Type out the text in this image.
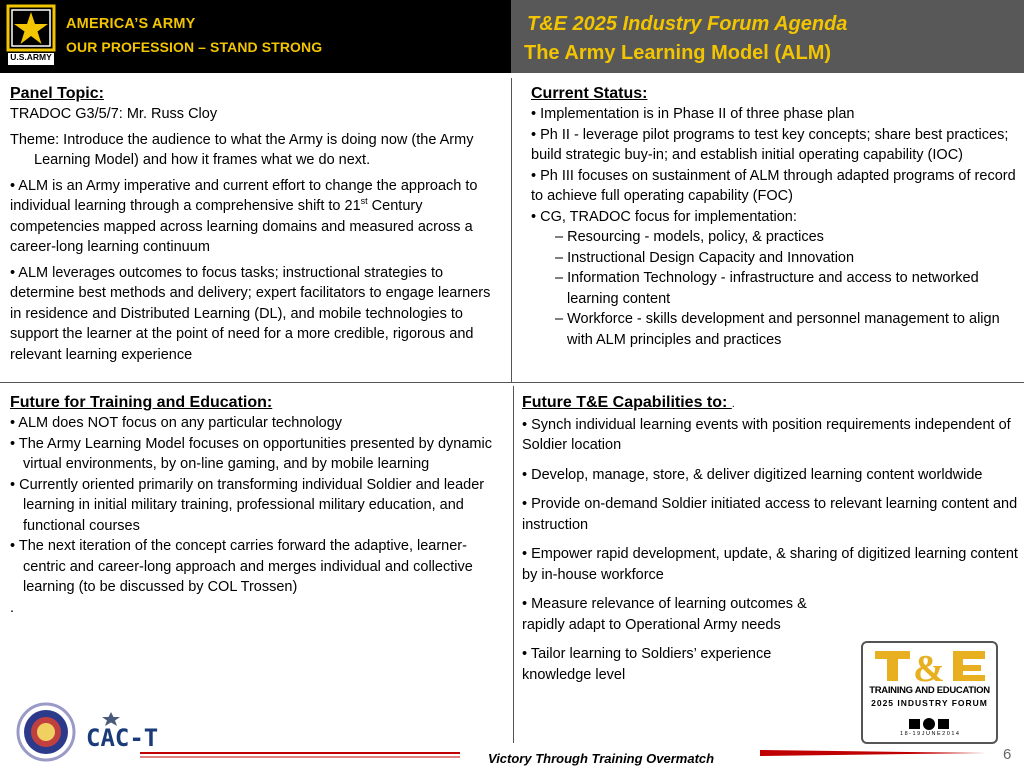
U.S.ARMY
AMERICA’S ARMY
OUR PROFESSION – STAND STRONG
T&E 2025 Industry Forum Agenda
The Army Learning Model (ALM)
Panel Topic:

TRADOC G3/5/7: Mr. Russ Cloy

Theme: Introduce the audience to what the Army is doing now (the Army Learning Model) and how it frames what we do next.

• ALM is an Army imperative and current effort to change the approach to individual learning through a comprehensive shift to 21st Century competencies mapped across learning domains and measured across a career-long learning continuum

• ALM leverages outcomes to focus tasks; instructional strategies to determine best methods and delivery; expert facilitators to engage learners in residence and Distributed Learning (DL), and mobile technologies to support the learner at the point of need for a more credible, rigorous and relevant learning experience

Current Status:

• Implementation is in Phase II of three phase plan

• Ph II - leverage pilot programs to test key concepts; share best practices; build strategic buy-in; and establish initial operating capability (IOC)

• Ph III focuses on sustainment of ALM through adapted programs of record to achieve full operating capability (FOC)

• CG, TRADOC focus for implementation:

– Resourcing - models, policy, & practices

– Instructional Design Capacity and Innovation

– Information Technology - infrastructure and access to networked learning content

– Workforce - skills development and personnel management to align with ALM principles and practices

Future for Training and Education:

• ALM does NOT focus on any particular technology

• The Army Learning Model focuses on opportunities presented by dynamic virtual environments, by on-line gaming, and by mobile learning

• Currently oriented primarily on transforming individual Soldier and leader learning in initial military training, professional military education, and functional courses

• The next iteration of the concept carries forward the adaptive, learner-centric and career-long approach and merges individual and collective learning (to be discussed by COL Trossen)

.

Future T&E Capabilities to: .

• Synch individual learning events with position requirements independent of Soldier location

• Develop, manage, store, & deliver digitized learning content worldwide

• Provide on-demand Soldier initiated access to relevant learning content and instruction

• Empower rapid development, update, & sharing of digitized learning content by in-house workforce

• Measure relevance of learning outcomes & rapidly adapt to Operational Army needs

• Tailor learning to Soldiers’ experience knowledge level	&
TRAINING AND EDUCATION
2025 INDUSTRY FORUM
1 8 - 1 9 J U N E 2 0 1 4
CAC-T
Victory Through Training Overmatch	6
